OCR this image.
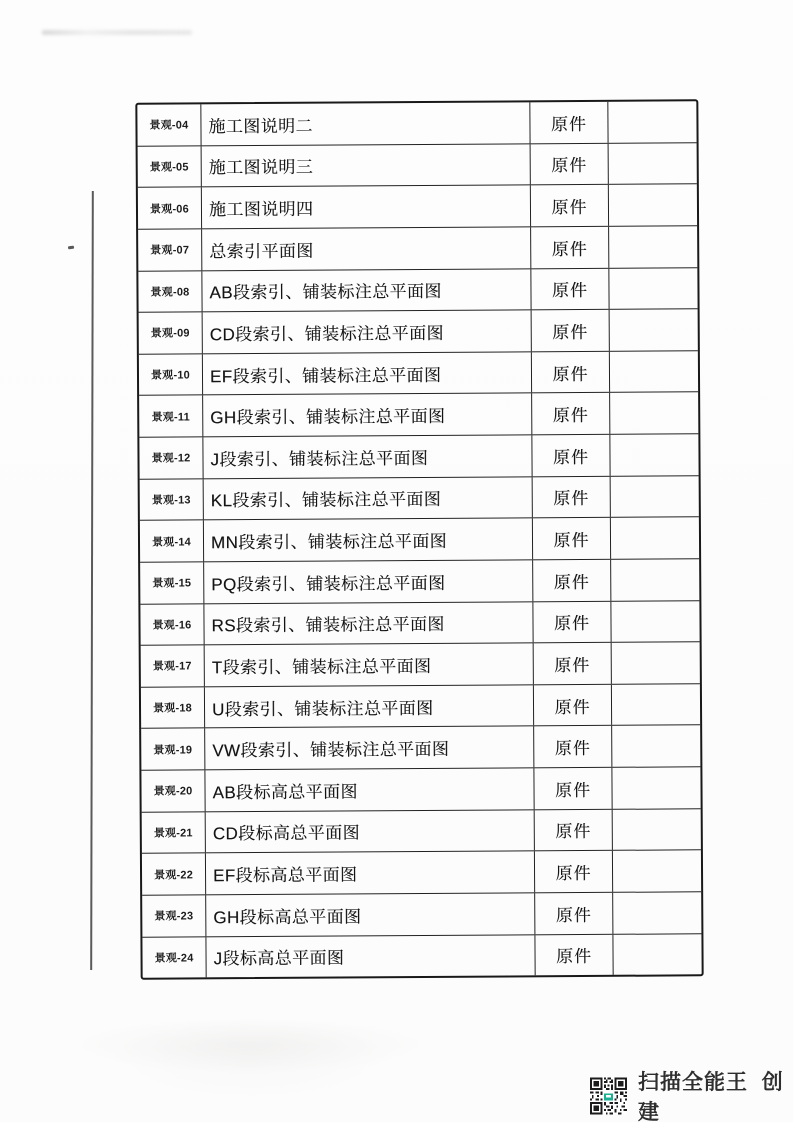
景观-04	施工图说明二	原件
景观-05	施工图说明三	原件
景观-06	施工图说明四	原件
景观-07	总索引平面图	原件
景观-08	AB段索引、铺装标注总平面图	原件
景观-09	CD段索引、铺装标注总平面图	原件
景观-10	EF段索引、铺装标注总平面图	原件
景观-11	GH段索引、铺装标注总平面图	原件
景观-12	J段索引、铺装标注总平面图	原件
景观-13	KL段索引、铺装标注总平面图	原件
景观-14	MN段索引、铺装标注总平面图	原件
景观-15	PQ段索引、铺装标注总平面图	原件
景观-16	RS段索引、铺装标注总平面图	原件
景观-17	T段索引、铺装标注总平面图	原件
景观-18	U段索引、铺装标注总平面图	原件
景观-19	VW段索引、铺装标注总平面图	原件
景观-20	AB段标高总平面图	原件
景观-21	CD段标高总平面图	原件
景观-22	EF段标高总平面图	原件
景观-23	GH段标高总平面图	原件
景观-24	J段标高总平面图	原件
扫描全能王 创建
